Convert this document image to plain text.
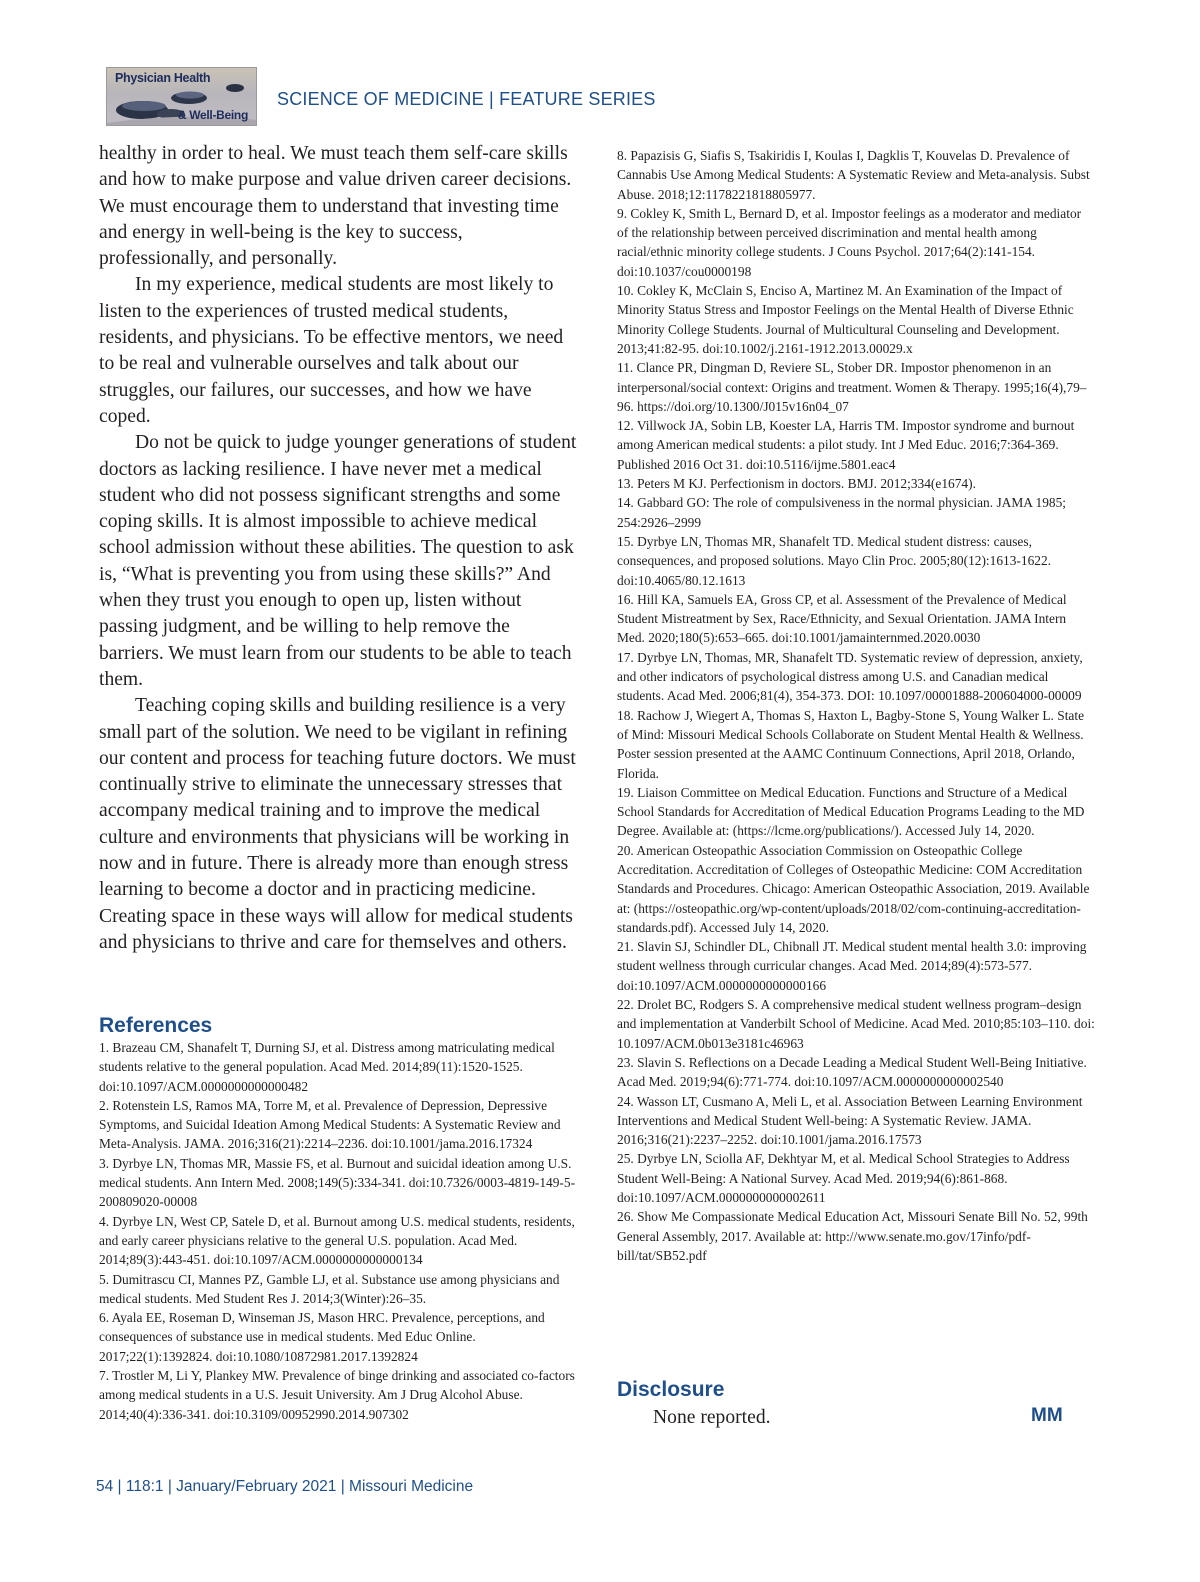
Physician Health
& Well-Being
SCIENCE OF MEDICINE | FEATURE SERIES

healthy in order to heal. We must teach them self-care skills and how to make purpose and value driven career decisions. We must encourage them to understand that investing time and energy in well-being is the key to success, professionally, and personally.

In my experience, medical students are most likely to listen to the experiences of trusted medical students, residents, and physicians. To be effective mentors, we need to be real and vulnerable ourselves and talk about our struggles, our failures, our successes, and how we have coped.

Do not be quick to judge younger generations of student doctors as lacking resilience. I have never met a medical student who did not possess significant strengths and some coping skills. It is almost impossible to achieve medical school admission without these abilities. The question to ask is, “What is preventing you from using these skills?” And when they trust you enough to open up, listen without passing judgment, and be willing to help remove the barriers. We must learn from our students to be able to teach them.

Teaching coping skills and building resilience is a very small part of the solution. We need to be vigilant in refining our content and process for teaching future doctors. We must continually strive to eliminate the unnecessary stresses that accompany medical training and to improve the medical culture and environments that physicians will be working in now and in future. There is already more than enough stress learning to become a doctor and in practicing medicine. Creating space in these ways will allow for medical students and physicians to thrive and care for themselves and others.

References

1. Brazeau CM, Shanafelt T, Durning SJ, et al. Distress among matriculating medical students relative to the general population. Acad Med. 2014;89(11):1520-1525. doi:10.1097/ACM.0000000000000482

2. Rotenstein LS, Ramos MA, Torre M, et al. Prevalence of Depression, Depressive Symptoms, and Suicidal Ideation Among Medical Students: A Systematic Review and Meta-Analysis. JAMA. 2016;316(21):2214–2236. doi:10.1001/jama.2016.17324

3. Dyrbye LN, Thomas MR, Massie FS, et al. Burnout and suicidal ideation among U.S. medical students. Ann Intern Med. 2008;149(5):334-341. doi:10.7326/0003-4819-149-5-200809020-00008

4. Dyrbye LN, West CP, Satele D, et al. Burnout among U.S. medical students, residents, and early career physicians relative to the general U.S. population. Acad Med. 2014;89(3):443-451. doi:10.1097/ACM.0000000000000134

5. Dumitrascu CI, Mannes PZ, Gamble LJ, et al. Substance use among physicians and medical students. Med Student Res J. 2014;3(Winter):26–35.

6. Ayala EE, Roseman D, Winseman JS, Mason HRC. Prevalence, perceptions, and consequences of substance use in medical students. Med Educ Online. 2017;22(1):1392824. doi:10.1080/10872981.2017.1392824

7. Trostler M, Li Y, Plankey MW. Prevalence of binge drinking and associated co-factors among medical students in a U.S. Jesuit University. Am J Drug Alcohol Abuse. 2014;40(4):336-341. doi:10.3109/00952990.2014.907302

8. Papazisis G, Siafis S, Tsakiridis I, Koulas I, Dagklis T, Kouvelas D. Prevalence of Cannabis Use Among Medical Students: A Systematic Review and Meta-analysis. Subst Abuse. 2018;12:1178221818805977.

9. Cokley K, Smith L, Bernard D, et al. Impostor feelings as a moderator and mediator of the relationship between perceived discrimination and mental health among racial/ethnic minority college students. J Couns Psychol. 2017;64(2):141-154. doi:10.1037/cou0000198

10. Cokley K, McClain S, Enciso A, Martinez M. An Examination of the Impact of Minority Status Stress and Impostor Feelings on the Mental Health of Diverse Ethnic Minority College Students. Journal of Multicultural Counseling and Development. 2013;41:82-95. doi:10.1002/j.2161-1912.2013.00029.x

11. Clance PR, Dingman D, Reviere SL, Stober DR. Impostor phenomenon in an interpersonal/social context: Origins and treatment. Women & Therapy. 1995;16(4),79–96. https://doi.org/10.1300/J015v16n04_07

12. Villwock JA, Sobin LB, Koester LA, Harris TM. Impostor syndrome and burnout among American medical students: a pilot study. Int J Med Educ. 2016;7:364-369. Published 2016 Oct 31. doi:10.5116/ijme.5801.eac4

13. Peters M KJ. Perfectionism in doctors. BMJ. 2012;334(e1674).

14. Gabbard GO: The role of compulsiveness in the normal physician. JAMA 1985; 254:2926–2999

15. Dyrbye LN, Thomas MR, Shanafelt TD. Medical student distress: causes, consequences, and proposed solutions. Mayo Clin Proc. 2005;80(12):1613-1622. doi:10.4065/80.12.1613

16. Hill KA, Samuels EA, Gross CP, et al. Assessment of the Prevalence of Medical Student Mistreatment by Sex, Race/Ethnicity, and Sexual Orientation. JAMA Intern Med. 2020;180(5):653–665. doi:10.1001/jamainternmed.2020.0030

17. Dyrbye LN, Thomas, MR, Shanafelt TD. Systematic review of depression, anxiety, and other indicators of psychological distress among U.S. and Canadian medical students. Acad Med. 2006;81(4), 354-373. DOI: 10.1097/00001888-200604000-00009

18. Rachow J, Wiegert A, Thomas S, Haxton L, Bagby-Stone S, Young Walker L. State of Mind: Missouri Medical Schools Collaborate on Student Mental Health & Wellness. Poster session presented at the AAMC Continuum Connections, April 2018, Orlando, Florida.

19. Liaison Committee on Medical Education. Functions and Structure of a Medical School Standards for Accreditation of Medical Education Programs Leading to the MD Degree. Available at: (https://lcme.org/publications/). Accessed July 14, 2020.

20. American Osteopathic Association Commission on Osteopathic College Accreditation. Accreditation of Colleges of Osteopathic Medicine: COM Accreditation Standards and Procedures. Chicago: American Osteopathic Association, 2019. Available at: (https://osteopathic.org/wp-content/uploads/2018/02/com-continuing-accreditation-standards.pdf). Accessed July 14, 2020.

21. Slavin SJ, Schindler DL, Chibnall JT. Medical student mental health 3.0: improving student wellness through curricular changes. Acad Med. 2014;89(4):573-577. doi:10.1097/ACM.0000000000000166

22. Drolet BC, Rodgers S. A comprehensive medical student wellness program–design and implementation at Vanderbilt School of Medicine. Acad Med. 2010;85:103–110. doi: 10.1097/ACM.0b013e3181c46963

23. Slavin S. Reflections on a Decade Leading a Medical Student Well-Being Initiative. Acad Med. 2019;94(6):771-774. doi:10.1097/ACM.0000000000002540

24. Wasson LT, Cusmano A, Meli L, et al. Association Between Learning Environment Interventions and Medical Student Well-being: A Systematic Review. JAMA. 2016;316(21):2237–2252. doi:10.1001/jama.2016.17573

25. Dyrbye LN, Sciolla AF, Dekhtyar M, et al. Medical School Strategies to Address Student Well-Being: A National Survey. Acad Med. 2019;94(6):861-868. doi:10.1097/ACM.0000000000002611

26. Show Me Compassionate Medical Education Act, Missouri Senate Bill No. 52, 99th General Assembly, 2017. Available at: http://www.senate.mo.gov/17info/pdf-bill/tat/SB52.pdf

Disclosure

None reported.	MM
54 | 118:1 | January/February 2021 | Missouri Medicine
